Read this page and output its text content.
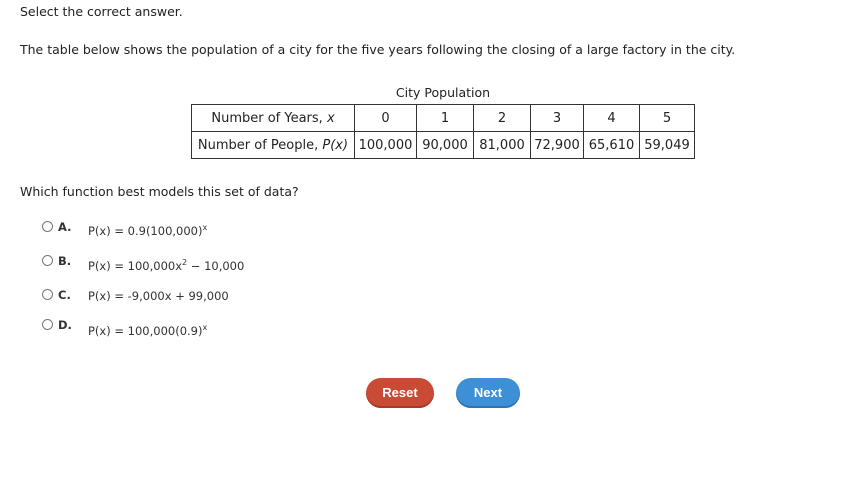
Select the correct answer.
The table below shows the population of a city for the five years following the closing of a large factory in the city.
City Population
Number of Years, x	0	1	2	3	4	5
Number of People, P(x)	100,000	90,000	81,000	72,900	65,610	59,049
Which function best models this set of data?
A. $P(x) = 0.9(100,000)^x$
B. $P(x) = 100,000x^2 - 10,000$
C. P(x) = -9,000x + 99,000
D. $P(x) = 100,000(0.9)^x$
Reset	Next
